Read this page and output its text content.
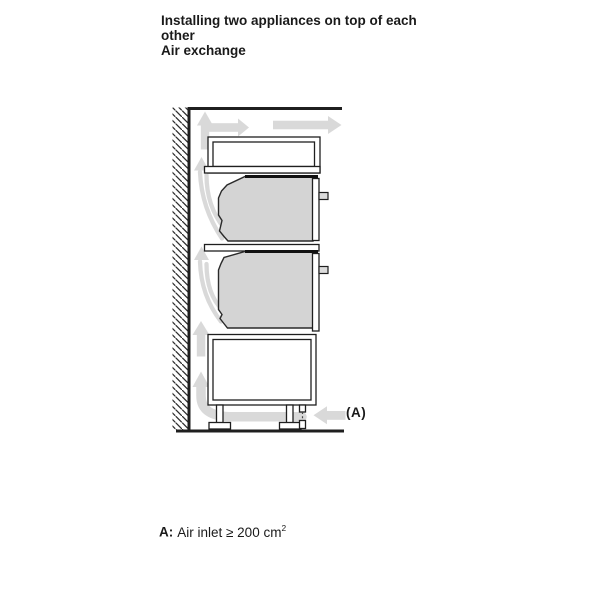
Installing two appliances on top of each other
Air exchange
(A)
A: Air inlet ≥ 200 $cm^2$
